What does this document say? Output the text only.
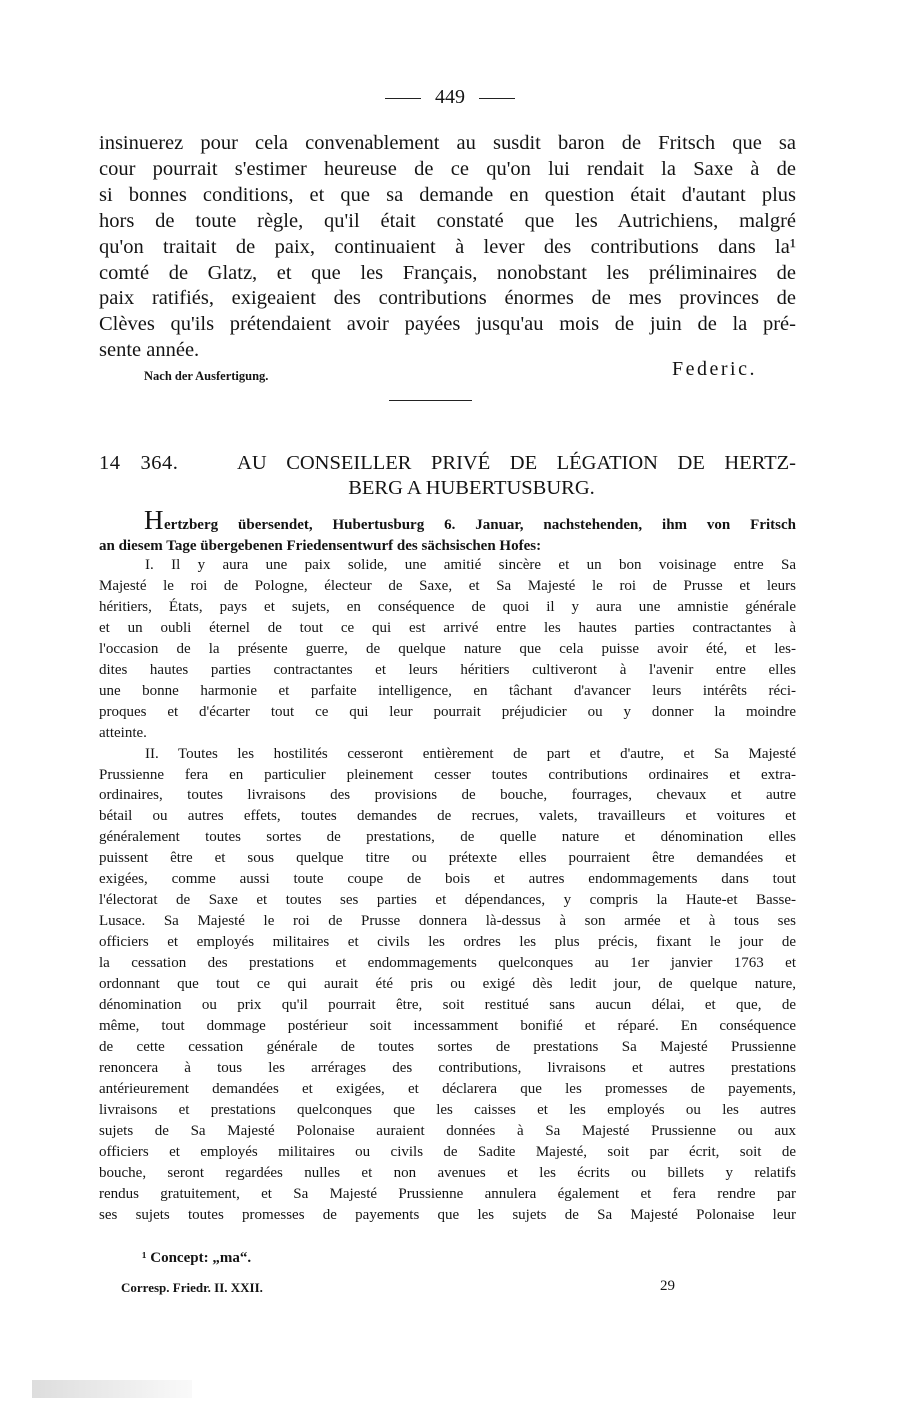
449
insinuerez pour cela convenablement au susdit baron de Fritsch que sa
cour pourrait s'estimer heureuse de ce qu'on lui rendait la Saxe à de
si bonnes conditions, et que sa demande en question était d'autant plus
hors de toute règle, qu'il était constaté que les Autrichiens, malgré
qu'on traitait de paix, continuaient à lever des contributions dans la¹
comté de Glatz, et que les Français, nonobstant les préliminaires de
paix ratifiés, exigeaient des contributions énormes de mes provinces de
Clèves qu'ils prétendaient avoir payées jusqu'au mois de juin de la pré-
sente année.
Nach der Ausfertigung.	Federic.
14 364.	AU CONSEILLER PRIVÉ DE LÉGATION DE HERTZ-
BERG A HUBERTUSBURG.
Hertzberg übersendet, Hubertusburg 6. Januar, nachstehenden, ihm von Fritsch
an diesem Tage übergebenen Friedensentwurf des sächsischen Hofes:
I. Il y aura une paix solide, une amitié sincère et un bon voisinage entre Sa
Majesté le roi de Pologne, électeur de Saxe, et Sa Majesté le roi de Prusse et leurs
héritiers, États, pays et sujets, en conséquence de quoi il y aura une amnistie générale
et un oubli éternel de tout ce qui est arrivé entre les hautes parties contractantes à
l'occasion de la présente guerre, de quelque nature que cela puisse avoir été, et les-
dites hautes parties contractantes et leurs héritiers cultiveront à l'avenir entre elles
une bonne harmonie et parfaite intelligence, en tâchant d'avancer leurs intérêts réci-
proques et d'écarter tout ce qui leur pourrait préjudicier ou y donner la moindre
atteinte.
II. Toutes les hostilités cesseront entièrement de part et d'autre, et Sa Majesté
Prussienne fera en particulier pleinement cesser toutes contributions ordinaires et extra-
ordinaires, toutes livraisons des provisions de bouche, fourrages, chevaux et autre
bétail ou autres effets, toutes demandes de recrues, valets, travailleurs et voitures et
généralement toutes sortes de prestations, de quelle nature et dénomination elles
puissent être et sous quelque titre ou prétexte elles pourraient être demandées et
exigées, comme aussi toute coupe de bois et autres endommagements dans tout
l'électorat de Saxe et toutes ses parties et dépendances, y compris la Haute-et Basse-
Lusace. Sa Majesté le roi de Prusse donnera là-dessus à son armée et à tous ses
officiers et employés militaires et civils les ordres les plus précis, fixant le jour de
la cessation des prestations et endommagements quelconques au 1er janvier 1763 et
ordonnant que tout ce qui aurait été pris ou exigé dès ledit jour, de quelque nature,
dénomination ou prix qu'il pourrait être, soit restitué sans aucun délai, et que, de
même, tout dommage postérieur soit incessamment bonifié et réparé. En conséquence
de cette cessation générale de toutes sortes de prestations Sa Majesté Prussienne
renoncera à tous les arrérages des contributions, livraisons et autres prestations
antérieurement demandées et exigées, et déclarera que les promesses de payements,
livraisons et prestations quelconques que les caisses et les employés ou les autres
sujets de Sa Majesté Polonaise auraient données à Sa Majesté Prussienne ou aux
officiers et employés militaires ou civils de Sadite Majesté, soit par écrit, soit de
bouche, seront regardées nulles et non avenues et les écrits ou billets y relatifs
rendus gratuitement, et Sa Majesté Prussienne annulera également et fera rendre par
ses sujets toutes promesses de payements que les sujets de Sa Majesté Polonaise leur
¹ Concept: „ma“.
Corresp. Friedr. II. XXII.	29
